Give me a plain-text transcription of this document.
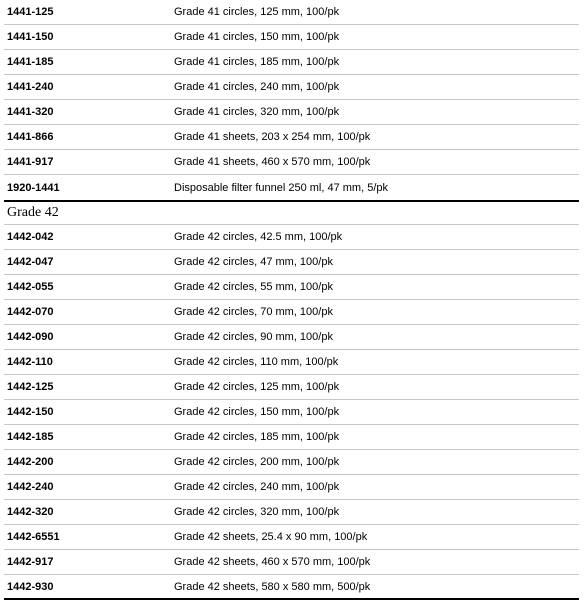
1441-125	Grade 41 circles, 125 mm, 100/pk
1441-150	Grade 41 circles, 150 mm, 100/pk
1441-185	Grade 41 circles, 185 mm, 100/pk
1441-240	Grade 41 circles, 240 mm, 100/pk
1441-320	Grade 41 circles, 320 mm, 100/pk
1441-866	Grade 41 sheets, 203 x 254 mm, 100/pk
1441-917	Grade 41 sheets, 460 x 570 mm, 100/pk
1920-1441	Disposable filter funnel 250 ml, 47 mm, 5/pk
Grade 42
1442-042	Grade 42 circles, 42.5 mm, 100/pk
1442-047	Grade 42 circles, 47 mm, 100/pk
1442-055	Grade 42 circles, 55 mm, 100/pk
1442-070	Grade 42 circles, 70 mm, 100/pk
1442-090	Grade 42 circles, 90 mm, 100/pk
1442-110	Grade 42 circles, 110 mm, 100/pk
1442-125	Grade 42 circles, 125 mm, 100/pk
1442-150	Grade 42 circles, 150 mm, 100/pk
1442-185	Grade 42 circles, 185 mm, 100/pk
1442-200	Grade 42 circles, 200 mm, 100/pk
1442-240	Grade 42 circles, 240 mm, 100/pk
1442-320	Grade 42 circles, 320 mm, 100/pk
1442-6551	Grade 42 sheets, 25.4 x 90 mm, 100/pk
1442-917	Grade 42 sheets, 460 x 570 mm, 100/pk
1442-930	Grade 42 sheets, 580 x 580 mm, 500/pk
